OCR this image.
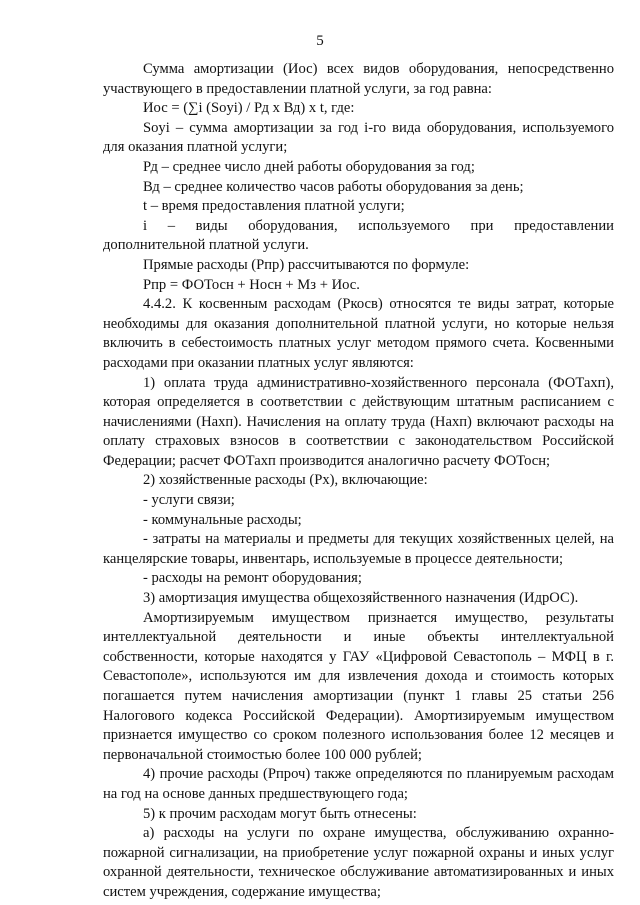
5

Сумма амортизации (Иос) всех видов оборудования, непосредственно участвующего в предоставлении платной услуги, за год равна:

Иос = (∑i (Soyi) / Рд х Вд) х t, где:

Soyi – сумма амортизации за год i-го вида оборудования, используемого для оказания платной услуги;

Рд – среднее число дней работы оборудования за год;

Вд – среднее количество часов работы оборудования за день;

t – время предоставления платной услуги;

i – виды оборудования, используемого при предоставлении дополнительной платной услуги.

Прямые расходы (Рпр) рассчитываются по формуле:

Рпр = ФОТосн + Носн + Мз + Иос.

4.4.2. К косвенным расходам (Ркосв) относятся те виды затрат, которые необходимы для оказания дополнительной платной услуги, но которые нельзя включить в себестоимость платных услуг методом прямого счета. Косвенными расходами при оказании платных услуг являются:

1) оплата труда административно-хозяйственного персонала (ФОТахп), которая определяется в соответствии с действующим штатным расписанием с начислениями (Нахп). Начисления на оплату труда (Нахп) включают расходы на оплату страховых взносов в соответствии с законодательством Российской Федерации; расчет ФОТахп производится аналогично расчету ФОТосн;

2) хозяйственные расходы (Рх), включающие:

- услуги связи;

- коммунальные расходы;

- затраты на материалы и предметы для текущих хозяйственных целей, на канцелярские товары, инвентарь, используемые в процессе деятельности;

- расходы на ремонт оборудования;

3) амортизация имущества общехозяйственного назначения (ИдрОС).

Амортизируемым имуществом признается имущество, результаты интеллектуальной деятельности и иные объекты интеллектуальной собственности, которые находятся у ГАУ «Цифровой Севастополь – МФЦ в г. Севастополе», используются им для извлечения дохода и стоимость которых погашается путем начисления амортизации (пункт 1 главы 25 статьи 256 Налогового кодекса Российской Федерации). Амортизируемым имуществом признается имущество со сроком полезного использования более 12 месяцев и первоначальной стоимостью более 100 000 рублей;

4) прочие расходы (Рпроч) также определяются по планируемым расходам на год на основе данных предшествующего года;

5) к прочим расходам могут быть отнесены:

а) расходы на услуги по охране имущества, обслуживанию охранно-пожарной сигнализации, на приобретение услуг пожарной охраны и иных услуг охранной деятельности, техническое обслуживание автоматизированных и иных систем учреждения, содержание имущества;
